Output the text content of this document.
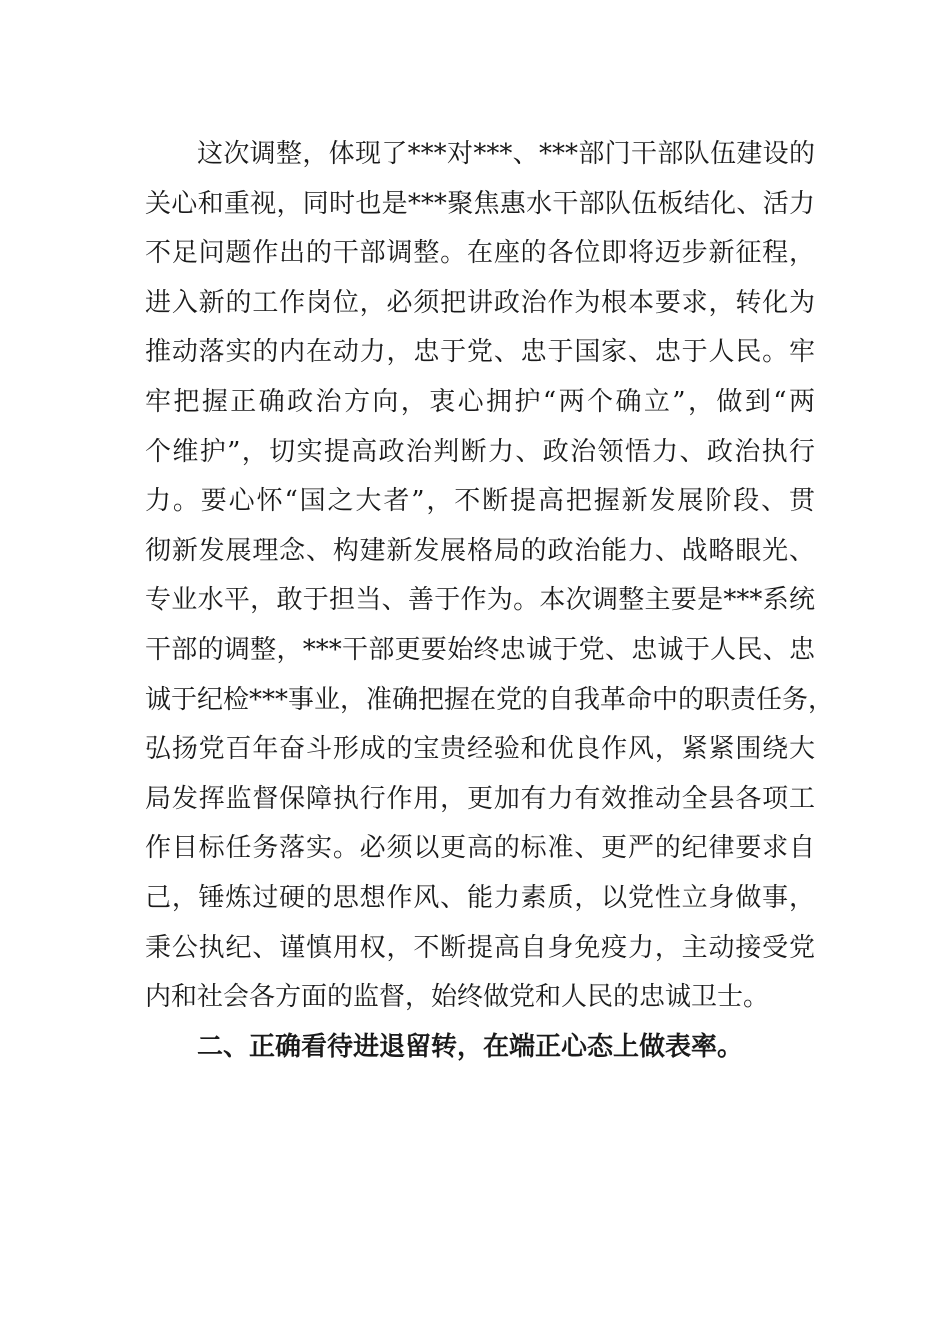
这次调整，体现了***对***、***部门干部队伍建设的
关心和重视，同时也是***聚焦惠水干部队伍板结化、活力
不足问题作出的干部调整。在座的各位即将迈步新征程，
进入新的工作岗位，必须把讲政治作为根本要求，转化为
推动落实的内在动力，忠于党、忠于国家、忠于人民。牢
牢把握正确政治方向，衷心拥护“两个确立”，做到“两
个维护”，切实提高政治判断力、政治领悟力、政治执行
力。要心怀“国之大者”，不断提高把握新发展阶段、贯
彻新发展理念、构建新发展格局的政治能力、战略眼光、
专业水平，敢于担当、善于作为。本次调整主要是***系统
干部的调整，***干部更要始终忠诚于党、忠诚于人民、忠
诚于纪检***事业，准确把握在党的自我革命中的职责任务，
弘扬党百年奋斗形成的宝贵经验和优良作风，紧紧围绕大
局发挥监督保障执行作用，更加有力有效推动全县各项工
作目标任务落实。必须以更高的标准、更严的纪律要求自
己，锤炼过硬的思想作风、能力素质，以党性立身做事，
秉公执纪、谨慎用权，不断提高自身免疫力，主动接受党
内和社会各方面的监督，始终做党和人民的忠诚卫士。
二、正确看待进退留转，在端正心态上做表率。
